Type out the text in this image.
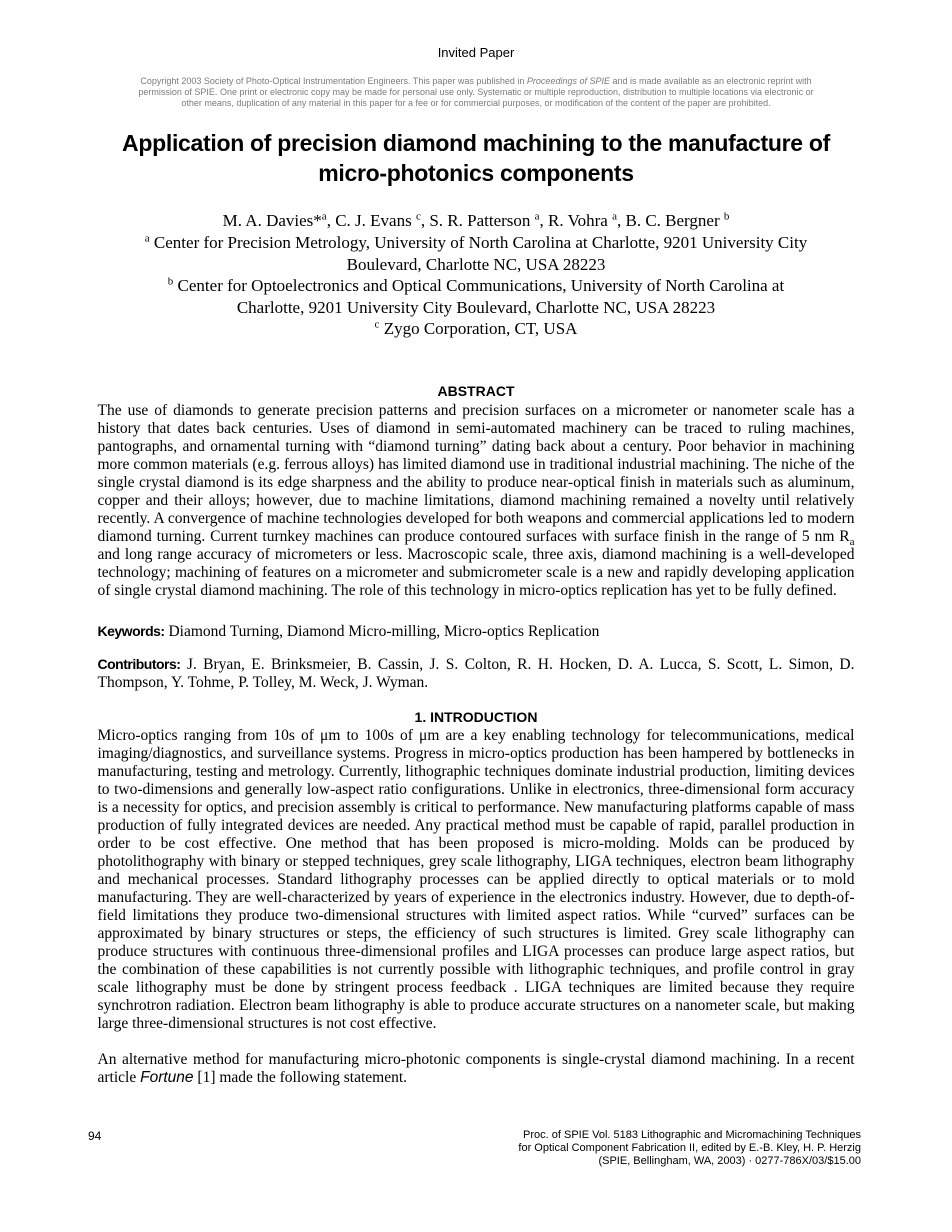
Invited Paper
Copyright 2003 Society of Photo-Optical Instrumentation Engineers. This paper was published in Proceedings of SPIE and is made available as an electronic reprint with permission of SPIE. One print or electronic copy may be made for personal use only. Systematic or multiple reproduction, distribution to multiple locations via electronic or other means, duplication of any material in this paper for a fee or for commercial purposes, or modification of the content of the paper are prohibited.
Application of precision diamond machining to the manufacture of
micro-photonics components
M. A. Davies*$^a$, C. J. Evans $^c$, S. R. Patterson $^a$, R. Vohra $^a$, B. C. Bergner $^b$
$^a$ Center for Precision Metrology, University of North Carolina at Charlotte, 9201 University City
Boulevard, Charlotte NC, USA 28223
$^b$ Center for Optoelectronics and Optical Communications, University of North Carolina at
Charlotte, 9201 University City Boulevard, Charlotte NC, USA 28223
$^c$ Zygo Corporation, CT, USA
ABSTRACT
The use of diamonds to generate precision patterns and precision surfaces on a micrometer or nanometer scale has a history that dates back centuries. Uses of diamond in semi-automated machinery can be traced to ruling machines, pantographs, and ornamental turning with “diamond turning” dating back about a century. Poor behavior in machining more common materials (e.g. ferrous alloys) has limited diamond use in traditional industrial machining. The niche of the single crystal diamond is its edge sharpness and the ability to produce near-optical finish in materials such as aluminum, copper and their alloys; however, due to machine limitations, diamond machining remained a novelty until relatively recently. A convergence of machine technologies developed for both weapons and commercial applications led to modern diamond turning. Current turnkey machines can produce contoured surfaces with surface finish in the range of 5 nm $R_a$ and long range accuracy of micrometers or less. Macroscopic scale, three axis, diamond machining is a well-developed technology; machining of features on a micrometer and submicrometer scale is a new and rapidly developing application of single crystal diamond machining. The role of this technology in micro-optics replication has yet to be fully defined.
Keywords: Diamond Turning, Diamond Micro-milling, Micro-optics Replication
Contributors: J. Bryan, E. Brinksmeier, B. Cassin, J. S. Colton, R. H. Hocken, D. A. Lucca, S. Scott, L. Simon, D. Thompson, Y. Tohme, P. Tolley, M. Weck, J. Wyman.
1. INTRODUCTION
Micro-optics ranging from 10s of μm to 100s of μm are a key enabling technology for telecommunications, medical imaging/diagnostics, and surveillance systems. Progress in micro-optics production has been hampered by bottlenecks in manufacturing, testing and metrology. Currently, lithographic techniques dominate industrial production, limiting devices to two-dimensions and generally low-aspect ratio configurations. Unlike in electronics, three-dimensional form accuracy is a necessity for optics, and precision assembly is critical to performance. New manufacturing platforms capable of mass production of fully integrated devices are needed. Any practical method must be capable of rapid, parallel production in order to be cost effective. One method that has been proposed is micro-molding. Molds can be produced by photolithography with binary or stepped techniques, grey scale lithography, LIGA techniques, electron beam lithography and mechanical processes. Standard lithography processes can be applied directly to optical materials or to mold manufacturing. They are well-characterized by years of experience in the electronics industry. However, due to depth-of-field limitations they produce two-dimensional structures with limited aspect ratios. While “curved” surfaces can be approximated by binary structures or steps, the efficiency of such structures is limited. Grey scale lithography can produce structures with continuous three-dimensional profiles and LIGA processes can produce large aspect ratios, but the combination of these capabilities is not currently possible with lithographic techniques, and profile control in gray scale lithography must be done by stringent process feedback . LIGA techniques are limited because they require synchrotron radiation. Electron beam lithography is able to produce accurate structures on a nanometer scale, but making large three-dimensional structures is not cost effective.
An alternative method for manufacturing micro-photonic components is single-crystal diamond machining. In a recent article Fortune [1] made the following statement.
94	Proc. of SPIE Vol. 5183 Lithographic and Micromachining Techniques
for Optical Component Fabrication II, edited by E.-B. Kley, H. P. Herzig
(SPIE, Bellingham, WA, 2003) · 0277-786X/03/$15.00
